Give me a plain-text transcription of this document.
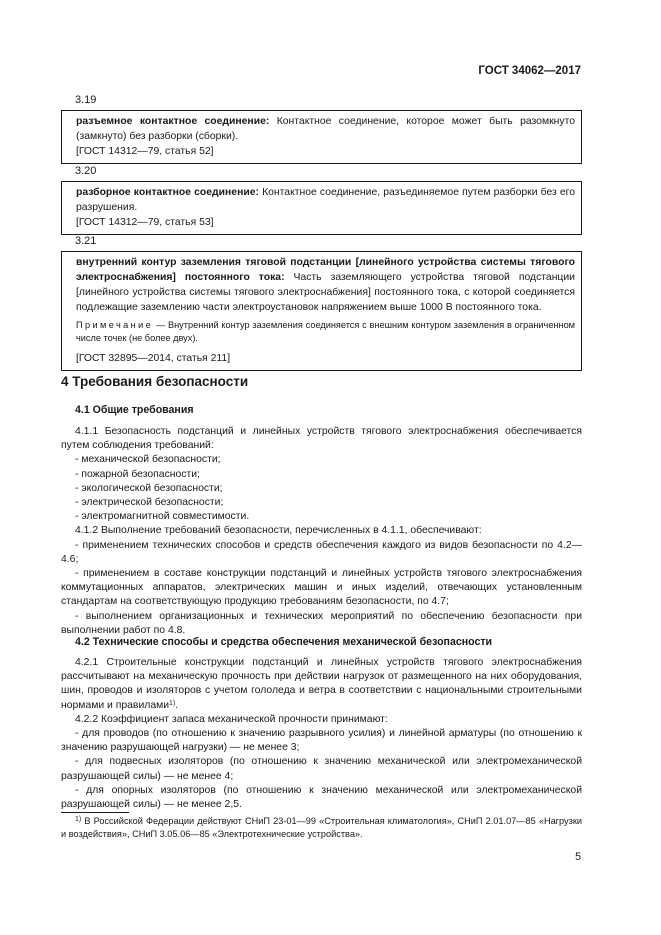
ГОСТ 34062—2017
3.19

разъемное контактное соединение: Контактное соединение, которое может быть разомкнуто (замкнуто) без разборки (сборки).

[ГОСТ 14312—79, статья 52]

3.20

разборное контактное соединение: Контактное соединение, разъединяемое путем разборки без его разрушения.

[ГОСТ 14312—79, статья 53]

3.21

внутренний контур заземления тяговой подстанции [линейного устройства системы тягового электроснабжения] постоянного тока: Часть заземляющего устройства тяговой подстанции [линейного устройства системы тягового электроснабжения] постоянного тока, с которой соединяется подлежащие заземлению части электроустановок напряжением выше 1000 В постоянного тока.

Примечание — Внутренний контур заземления соединяется с внешним контуром заземления в ограниченном числе точек (не более двух).

[ГОСТ 32895—2014, статья 211]

4 Требования безопасности
4.1 Общие требования

4.1.1 Безопасность подстанций и линейных устройств тягового электроснабжения обеспечивается путем соблюдения требований:

- механической безопасности;

- пожарной безопасности;

- экологической безопасности;

- электрической безопасности;

- электромагнитной совместимости.

4.1.2 Выполнение требований безопасности, перечисленных в 4.1.1, обеспечивают:

- применением технических способов и средств обеспечения каждого из видов безопасности по 4.2—4.6;

- применением в составе конструкции подстанций и линейных устройств тягового электроснабжения коммутационных аппаратов, электрических машин и иных изделий, отвечающих установленным стандартам на соответствующую продукцию требованиям безопасности, по 4.7;

- выполнением организационных и технических мероприятий по обеспечению безопасности при выполнении работ по 4.8.

4.2 Технические способы и средства обеспечения механической безопасности

4.2.1 Строительные конструкции подстанций и линейных устройств тягового электроснабжения рассчитывают на механическую прочность при действии нагрузок от размещенного на них оборудования, шин, проводов и изоляторов с учетом гололеда и ветра в соответствии с национальными строительными нормами и правилами$^{1)}$.

4.2.2 Коэффициент запаса механической прочности принимают:

- для проводов (по отношению к значению разрывного усилия) и линейной арматуры (по отношению к значению разрушающей нагрузки) — не менее 3;

- для подвесных изоляторов (по отношению к значению механической или электромеханической разрушающей силы) — не менее 4;

- для опорных изоляторов (по отношению к значению механической или электромеханической разрушающей силы) — не менее 2,5.

$^{1)}$ В Российской Федерации действуют СНиП 23-01—99 «Строительная климатология», СНиП 2.01.07—85 «Нагрузки и воздействия», СНиП 3.05.06—85 «Электротехнические устройства».

5
